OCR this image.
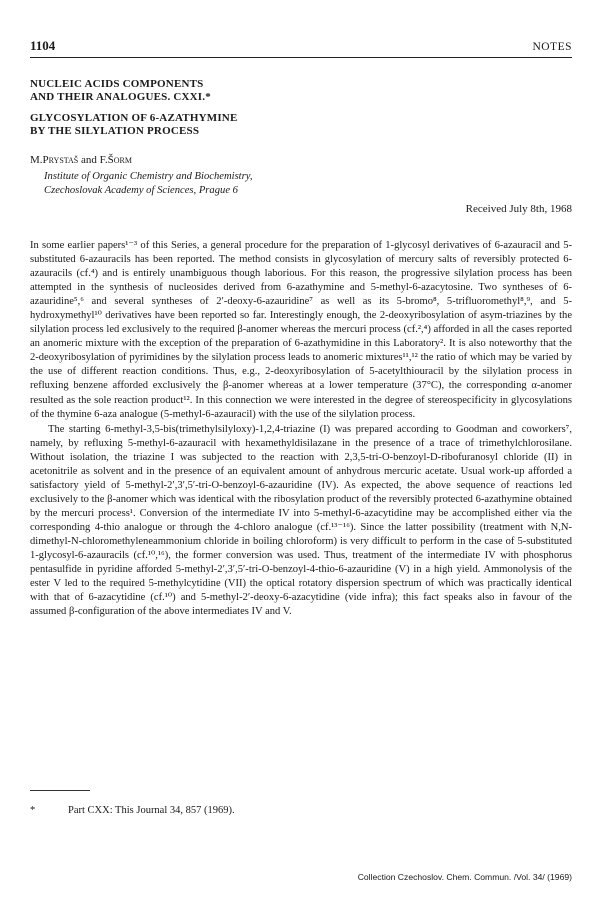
1104	NOTES
NUCLEIC ACIDS COMPONENTS
AND THEIR ANALOGUES. CXXI.*
GLYCOSYLATION OF 6-AZATHYMINE
BY THE SILYLATION PROCESS
M.Prystaš and F.Šorm
Institute of Organic Chemistry and Biochemistry,
Czechoslovak Academy of Sciences, Prague 6
Received July 8th, 1968

In some earlier papers¹⁻³ of this Series, a general procedure for the preparation of 1-glycosyl derivatives of 6-azauracil and 5-substituted 6-azauracils has been reported. The method consists in glycosylation of mercury salts of reversibly protected 6-azauracils (cf.⁴) and is entirely unambiguous though laborious. For this reason, the progressive silylation process has been attempted in the synthesis of nucleosides derived from 6-azathymine and 5-methyl-6-azacytosine. Two syntheses of 6-azauridine⁵,⁶ and several syntheses of 2′-deoxy-6-azauridine⁷ as well as its 5-bromo⁸, 5-trifluoromethyl⁸,⁹, and 5-hydroxymethyl¹⁰ derivatives have been reported so far. Interestingly enough, the 2-deoxyribosylation of asym-triazines by the silylation process led exclusively to the required β-anomer whereas the mercuri process (cf.²,⁴) afforded in all the cases reported an anomeric mixture with the exception of the preparation of 6-azathymidine in this Laboratory². It is also noteworthy that the 2-deoxyribosylation of pyrimidines by the silylation process leads to anomeric mixtures¹¹,¹² the ratio of which may be varied by the use of different reaction conditions. Thus, e.g., 2-deoxyribosylation of 5-acetylthiouracil by the silylation process in refluxing benzene afforded exclusively the β-anomer whereas at a lower temperature (37°C), the corresponding α-anomer resulted as the sole reaction product¹². In this connection we were interested in the degree of stereospecificity in glycosylations of the thymine 6-aza analogue (5-methyl-6-azauracil) with the use of the silylation process.

The starting 6-methyl-3,5-bis(trimethylsilyloxy)-1,2,4-triazine (I) was prepared according to Goodman and coworkers⁷, namely, by refluxing 5-methyl-6-azauracil with hexamethyldisilazane in the presence of a trace of trimethylchlorosilane. Without isolation, the triazine I was subjected to the reaction with 2,3,5-tri-O-benzoyl-D-ribofuranosyl chloride (II) in acetonitrile as solvent and in the presence of an equivalent amount of anhydrous mercuric acetate. Usual work-up afforded a satisfactory yield of 5-methyl-2′,3′,5′-tri-O-benzoyl-6-azauridine (IV). As expected, the above sequence of reactions led exclusively to the β-anomer which was identical with the ribosylation product of the reversibly protected 6-azathymine obtained by the mercuri process¹. Conversion of the intermediate IV into 5-methyl-6-azacytidine may be accomplished either via the corresponding 4-thio analogue or through the 4-chloro analogue (cf.¹³⁻¹⁶). Since the latter possibility (treatment with N,N-dimethyl-N-chloromethyleneammonium chloride in boiling chloroform) is very difficult to perform in the case of 5-substituted 1-glycosyl-6-azauracils (cf.¹⁰,¹⁶), the former conversion was used. Thus, treatment of the intermediate IV with phosphorus pentasulfide in pyridine afforded 5-methyl-2′,3′,5′-tri-O-benzoyl-4-thio-6-azauridine (V) in a high yield. Ammonolysis of the ester V led to the required 5-methylcytidine (VII) the optical rotatory dispersion spectrum of which was practically identical with that of 6-azacytidine (cf.¹⁰) and 5-methyl-2′-deoxy-6-azacytidine (vide infra); this fact speaks also in favour of the assumed β-configuration of the above intermediates IV and V.

*	Part CXX: This Journal 34, 857 (1969).
Collection Czechoslov. Chem. Commun. /Vol. 34/ (1969)
